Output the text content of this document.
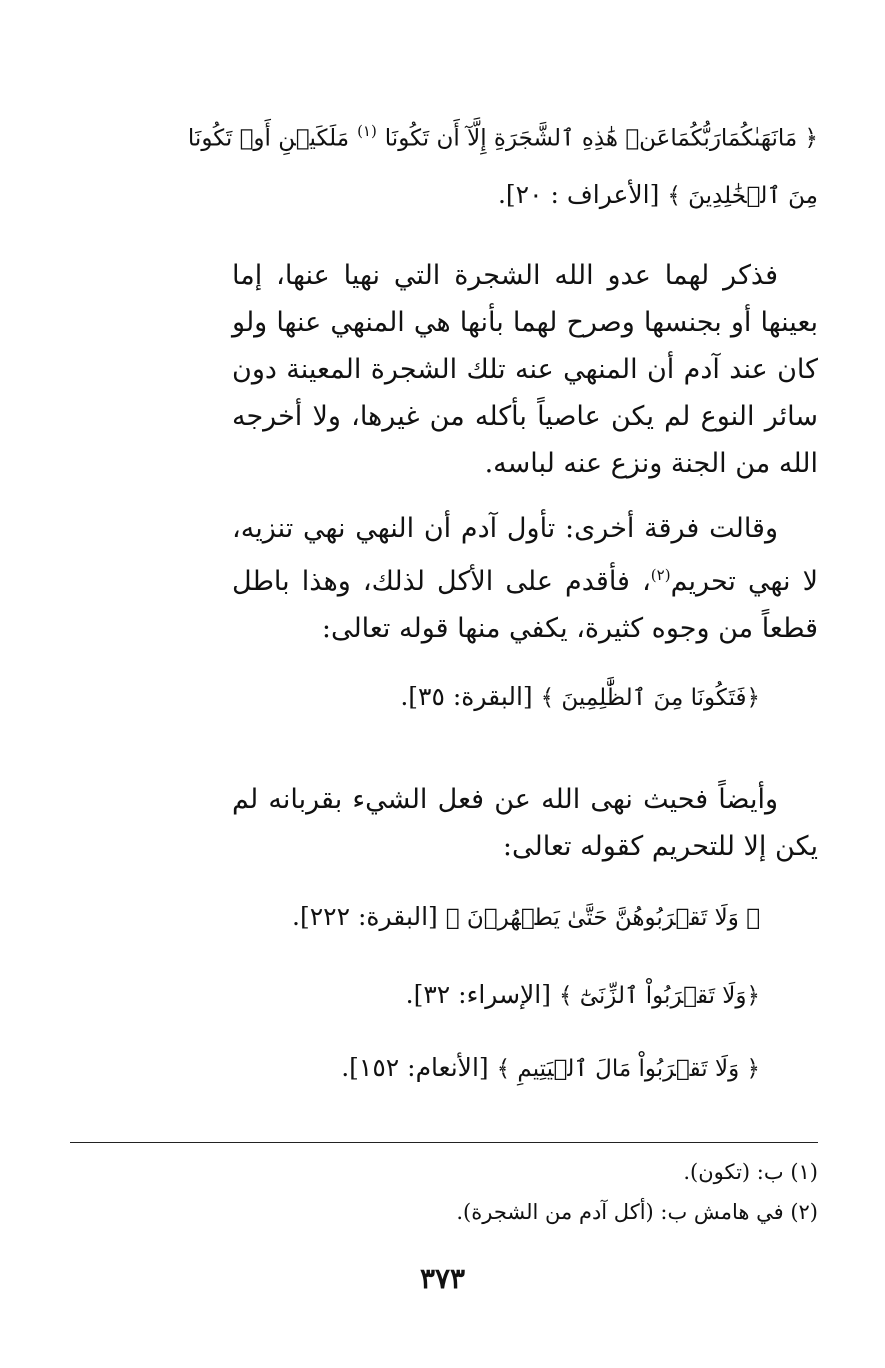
﴿ مَانَهَىٰكُمَارَبُّكُمَاعَنۡ هَٰذِهِ ٱلشَّجَرَةِ إِلَّآ أَن تَكُونَا $^{(١)}$ مَلَكَيۡنِ أَوۡ تَكُونَا
مِنَ ٱلۡخَٰلِدِينَ ﴾ [الأعراف : ٢٠].
فذكر لهما عدو الله الشجرة التي نهيا عنها، إما بعينها أو بجنسها وصرح لهما بأنها هي المنهي عنها ولو كان عند آدم أن المنهي عنه تلك الشجرة المعينة دون سائر النوع لم يكن عاصياً بأكله من غيرها، ولا أخرجه الله من الجنة ونزع عنه لباسه.
وقالت فرقة أخرى: تأول آدم أن النهي نهي تنزيه، لا نهي تحريم$^{(٢)}$، فأقدم على الأكل لذلك، وهذا باطل قطعاً من وجوه كثيرة، يكفي منها قوله تعالى:
﴿فَتَكُونَا مِنَ ٱلظَّٰلِمِينَ ﴾ [البقرة: ٣٥].
وأيضاً فحيث نهى الله عن فعل الشيء بقربانه لم يكن إلا للتحريم كقوله تعالى:
﴿ وَلَا تَقۡرَبُوهُنَّ حَتَّىٰ يَطۡهُرۡنَ ﴾ [البقرة: ٢٢٢].
﴿وَلَا تَقۡرَبُواْ ٱلزِّنَىٰٓ ﴾ [الإسراء: ٣٢].
﴿ وَلَا تَقۡرَبُواْ مَالَ ٱلۡيَتِيمِ ﴾ [الأنعام: ١٥٢].
(١) ب: (تكون).
(٢) في هامش ب: (أكل آدم من الشجرة).
٣٧٣
